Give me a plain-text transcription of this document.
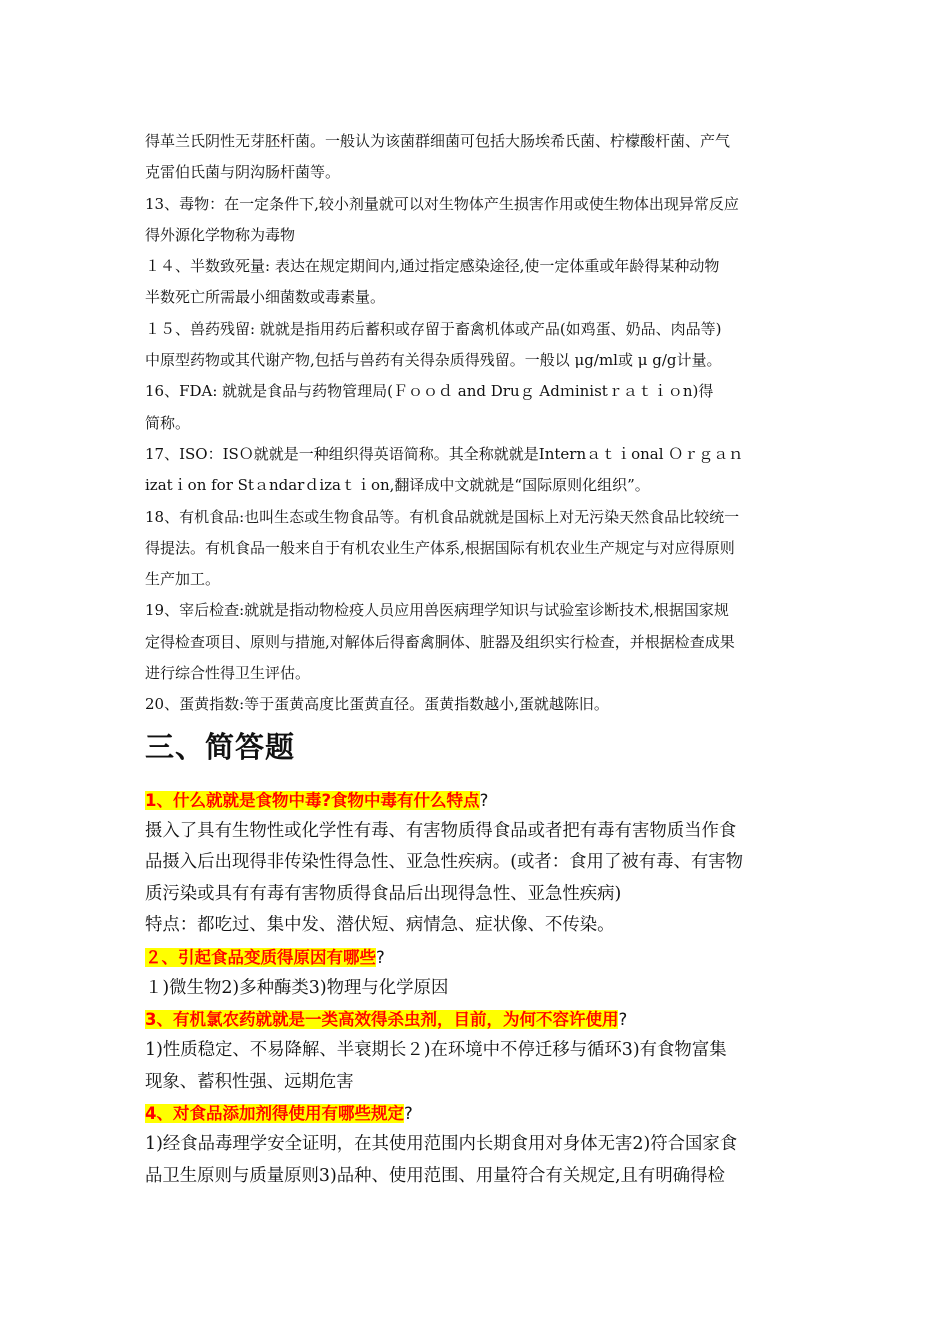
得革兰氏阴性无芽胚杆菌。一般认为该菌群细菌可包括大肠埃希氏菌、柠檬酸杆菌、产气

克雷伯氏菌与阴沟肠杆菌等。

13、毒物：在一定条件下,较小剂量就可以对生物体产生损害作用或使生物体出现异常反应

得外源化学物称为毒物

１４、半数致死量: 表达在规定期间内,通过指定感染途径,使一定体重或年龄得某种动物

半数死亡所需最小细菌数或毒素量。

１５、兽药残留: 就就是指用药后蓄积或存留于畜禽机体或产品(如鸡蛋、奶品、肉品等)

中原型药物或其代谢产物,包括与兽药有关得杂质得残留。一般以 μg/ml或 μ g/g计量。

16、FDA: 就就是食品与药物管理局(Ｆｏｏｄ and Druｇ Adｍinistｒａｔｉｏn)得

简称。

17、ISO：ISＯ就就是一种组织得英语简称。其全称就就是Internａｔｉonal Ｏｒｇａｎ

izatｉon for Stａndarｄizaｔｉon,翻译成中文就就是“国际原则化组织”。

18、有机食品:也叫生态或生物食品等。有机食品就就是国标上对无污染天然食品比较统一

得提法。有机食品一般来自于有机农业生产体系,根据国际有机农业生产规定与对应得原则

生产加工。

19、宰后检查:就就是指动物检疫人员应用兽医病理学知识与试验室诊断技术,根据国家规

定得检查项目、原则与措施,对解体后得畜禽胴体、脏器及组织实行检查，并根据检查成果

进行综合性得卫生评估。

20、蛋黄指数:等于蛋黄高度比蛋黄直径。蛋黄指数越小,蛋就越陈旧。

三、简答题

1、什么就就是食物中毒?食物中毒有什么特点?

摄入了具有生物性或化学性有毒、有害物质得食品或者把有毒有害物质当作食

品摄入后出现得非传染性得急性、亚急性疾病。(或者：食用了被有毒、有害物

质污染或具有有毒有害物质得食品后出现得急性、亚急性疾病)

特点：都吃过、集中发、潜伏短、病情急、症状像、不传染。

２、引起食品变质得原因有哪些?

１)微生物2)多种酶类3)物理与化学原因

3、有机氯农药就就是一类高效得杀虫剂，目前，为何不容许使用?

1)性质稳定、不易降解、半衰期长２)在环境中不停迁移与循环3)有食物富集

现象、蓄积性强、远期危害

4、对食品添加剂得使用有哪些规定?

1)经食品毒理学安全证明，在其使用范围内长期食用对身体无害2)符合国家食

品卫生原则与质量原则3)品种、使用范围、用量符合有关规定,且有明确得检
